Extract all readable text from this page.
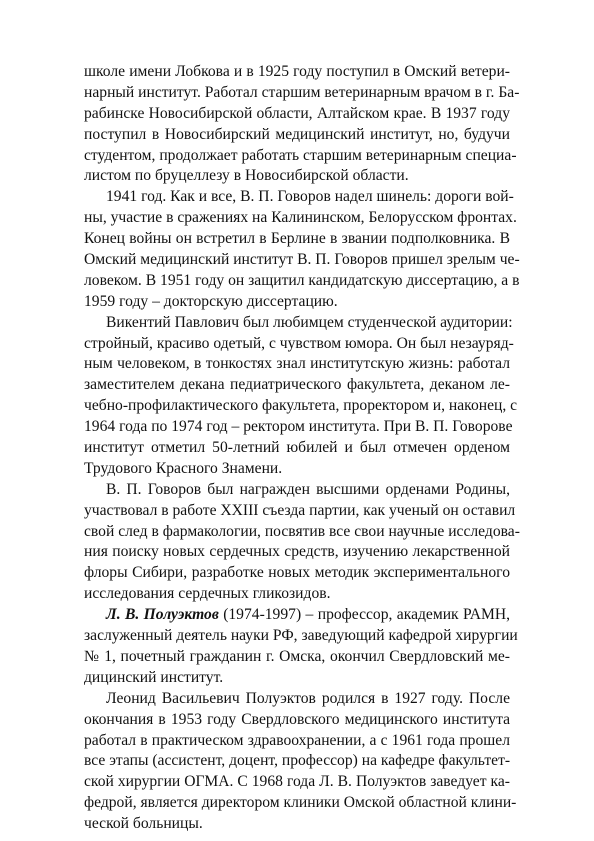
школе имени Лобкова и в 1925 году поступил в Омский ветери-
нарный институт. Работал старшим ветеринарным врачом в г. Ба-
рабинске Новосибирской области, Алтайском крае. В 1937 году
поступил в Новосибирский медицинский институт, но, будучи
студентом, продолжает работать старшим ветеринарным специа-
листом по бруцеллезу в Новосибирской области.
1941 год. Как и все, В. П. Говоров надел шинель: дороги вой-
ны, участие в сражениях на Калининском, Белорусском фронтах.
Конец войны он встретил в Берлине в звании подполковника. В
Омский медицинский институт В. П. Говоров пришел зрелым че-
ловеком. В 1951 году он защитил кандидатскую диссертацию, а в
1959 году – докторскую диссертацию.
Викентий Павлович был любимцем студенческой аудитории:
стройный, красиво одетый, с чувством юмора. Он был незауряд-
ным человеком, в тонкостях знал институтскую жизнь: работал
заместителем декана педиатрического факультета, деканом ле-
чебно-профилактического факультета, проректором и, наконец, с
1964 года по 1974 год – ректором института. При В. П. Говорове
институт отметил 50-летний юбилей и был отмечен орденом
Трудового Красного Знамени.
В. П. Говоров был награжден высшими орденами Родины,
участвовал в работе XXIII съезда партии, как ученый он оставил
свой след в фармакологии, посвятив все свои научные исследова-
ния поиску новых сердечных средств, изучению лекарственной
флоры Сибири, разработке новых методик экспериментального
исследования сердечных гликозидов.
Л. В. Полуэктов (1974-1997) – профессор, академик РАМН,
заслуженный деятель науки РФ, заведующий кафедрой хирургии
№ 1, почетный гражданин г. Омска, окончил Свердловский ме-
дицинский институт.
Леонид Васильевич Полуэктов родился в 1927 году. После
окончания в 1953 году Свердловского медицинского института
работал в практическом здравоохранении, а с 1961 года прошел
все этапы (ассистент, доцент, профессор) на кафедре факультет-
ской хирургии ОГМА. С 1968 года Л. В. Полуэктов заведует ка-
федрой, является директором клиники Омской областной клини-
ческой больницы.
